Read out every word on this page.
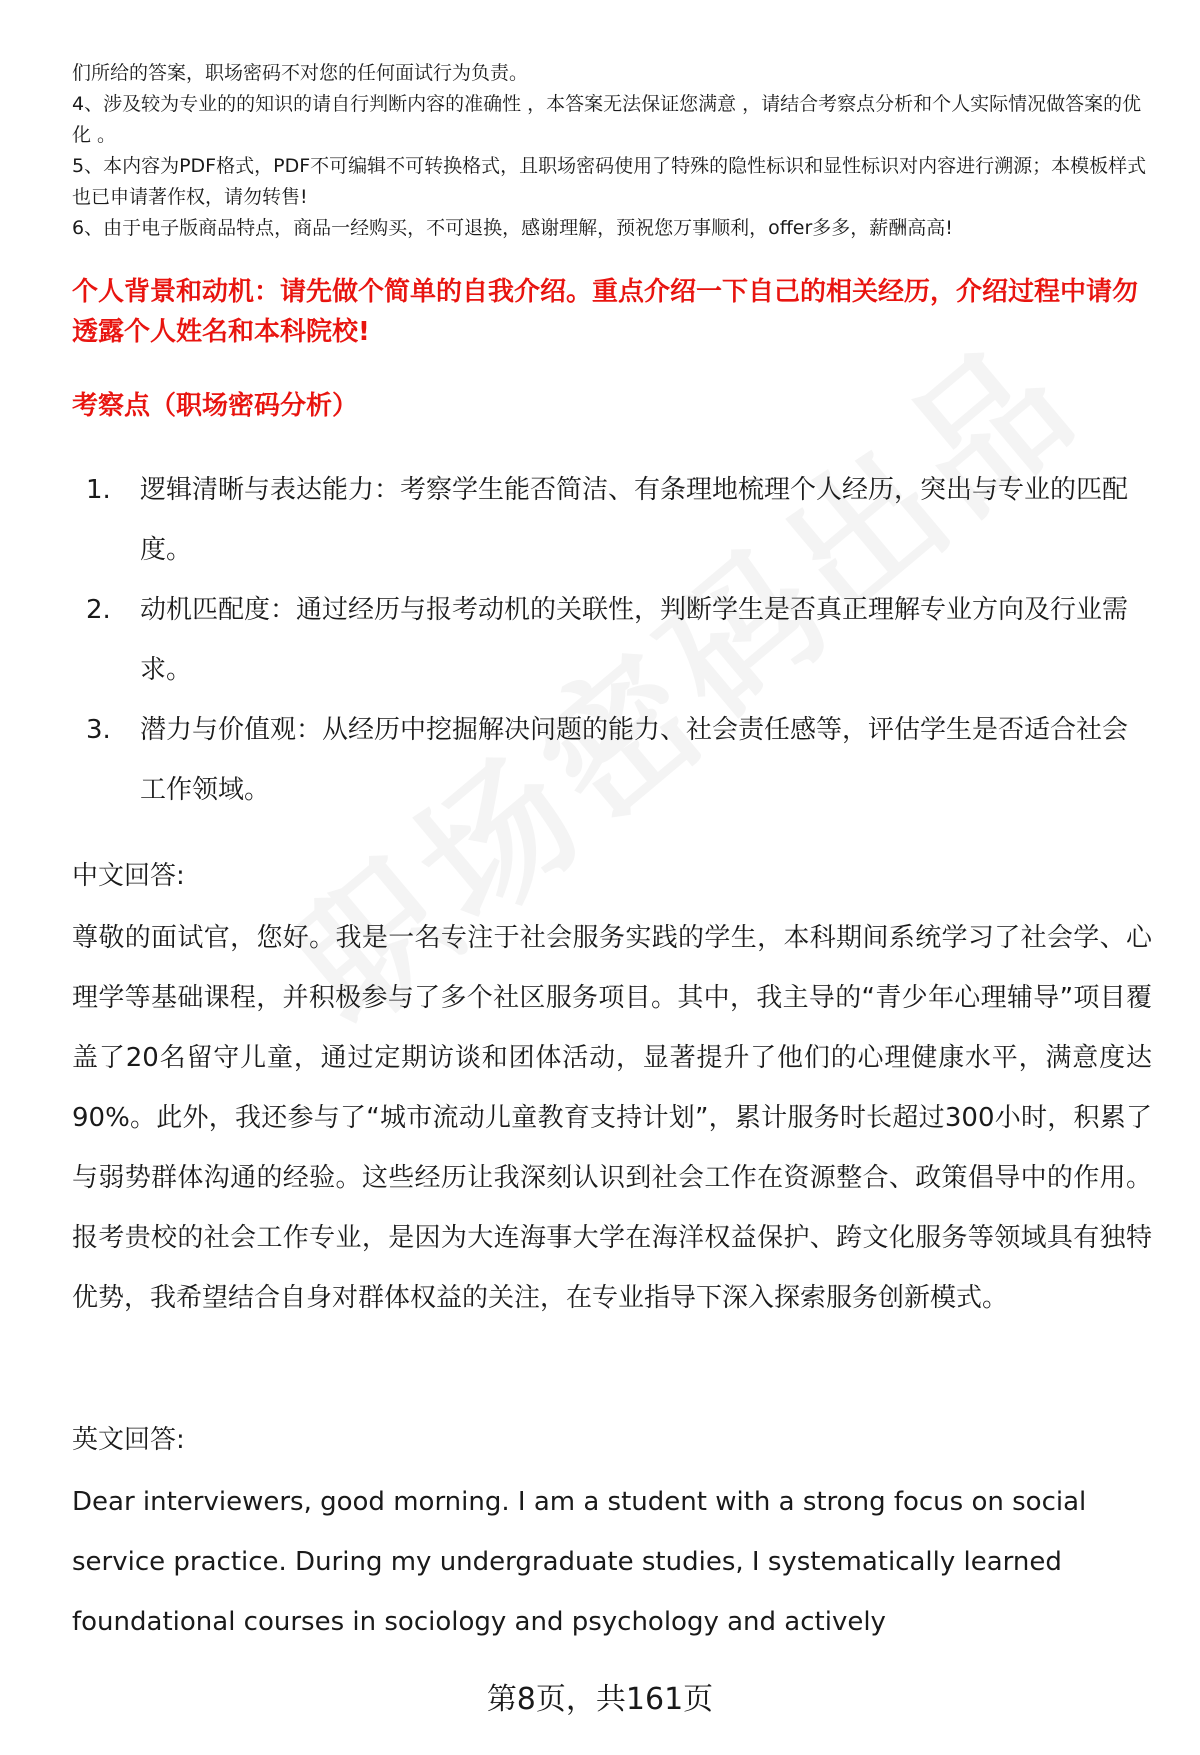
们所给的答案，职场密码不对您的任何面试行为负责。

4、涉及较为专业的的知识的请自行判断内容的准确性 ，本答案无法保证您满意 ，请结合考察点分析和个人实际情况做答案的优化 。

5、本内容为PDF格式，PDF不可编辑不可转换格式，且职场密码使用了特殊的隐性标识和显性标识对内容进行溯源；本模板样式也已申请著作权，请勿转售!

6、由于电子版商品特点，商品一经购买，不可退换，感谢理解，预祝您万事顺利，offer多多，薪酬高高!

个人背景和动机：请先做个简单的自我介绍。重点介绍一下自己的相关经历，介绍过程中请勿透露个人姓名和本科院校!

考察点（职场密码分析）

1.	逻辑清晰与表达能力：考察学生能否简洁、有条理地梳理个人经历，突出与专业的匹配度。
2.	动机匹配度：通过经历与报考动机的关联性，判断学生是否真正理解专业方向及行业需求。
3.	潜力与价值观：从经历中挖掘解决问题的能力、社会责任感等，评估学生是否适合社会工作领域。

中文回答:

尊敬的面试官，您好。我是一名专注于社会服务实践的学生，本科期间系统学习了社会学、心理学等基础课程，并积极参与了多个社区服务项目。其中，我主导的“青少年心理辅导”项目覆盖了20名留守儿童，通过定期访谈和团体活动，显著提升了他们的心理健康水平，满意度达90%。此外，我还参与了“城市流动儿童教育支持计划”，累计服务时长超过300小时，积累了与弱势群体沟通的经验。这些经历让我深刻认识到社会工作在资源整合、政策倡导中的作用。报考贵校的社会工作专业，是因为大连海事大学在海洋权益保护、跨文化服务等领域具有独特优势，我希望结合自身对群体权益的关注，在专业指导下深入探索服务创新模式。

英文回答:

Dear interviewers, good morning. I am a student with a strong focus on social service practice. During my undergraduate studies, I systematically learned foundational courses in sociology and psychology and actively

第8页，共161页
